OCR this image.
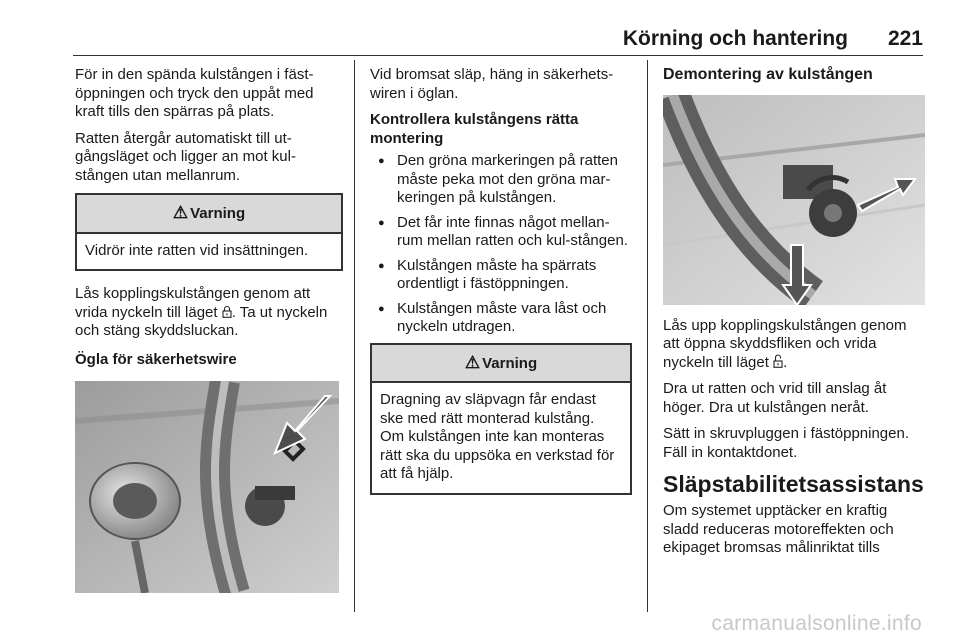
Körning och hantering 221

För in den spända kulstången i fäst-öppningen och tryck den uppåt med kraft tills den spärras på plats.

Ratten återgår automatiskt till ut-gångsläget och ligger an mot kul-stången utan mellanrum.

⚠ Varning
Vidrör inte ratten vid insättningen.

Lås kopplingskulstången genom att vrida nyckeln till läget . Ta ut nyckeln och stäng skyddsluckan.

Ögla för säkerhetswire

Vid bromsat släp, häng in säkerhets-wiren i öglan.

Kontrollera kulstångens rätta montering
● Den gröna markeringen på ratten måste peka mot den gröna mar-keringen på kulstången.
● Det får inte finnas något mellan-rum mellan ratten och kul-stången.
● Kulstången måste ha spärrats ordentligt i fästöppningen.
● Kulstången måste vara låst och nyckeln utdragen.
⚠ Varning
Dragning av släpvagn får endast ske med rätt monterad kulstång. Om kulstången inte kan monteras rätt ska du uppsöka en verkstad för att få hjälp.
Demontering av kulstången

Lås upp kopplingskulstången genom att öppna skyddsfliken och vrida nyckeln till läget .

Dra ut ratten och vrid till anslag åt höger. Dra ut kulstången neråt.

Sätt in skruvpluggen i fästöppningen. Fäll in kontaktdonet.

Släpstabilitetsassistans

Om systemet upptäcker en kraftig sladd reduceras motoreffekten och ekipaget bromsas målinriktat tills

carmanualsonline.info
